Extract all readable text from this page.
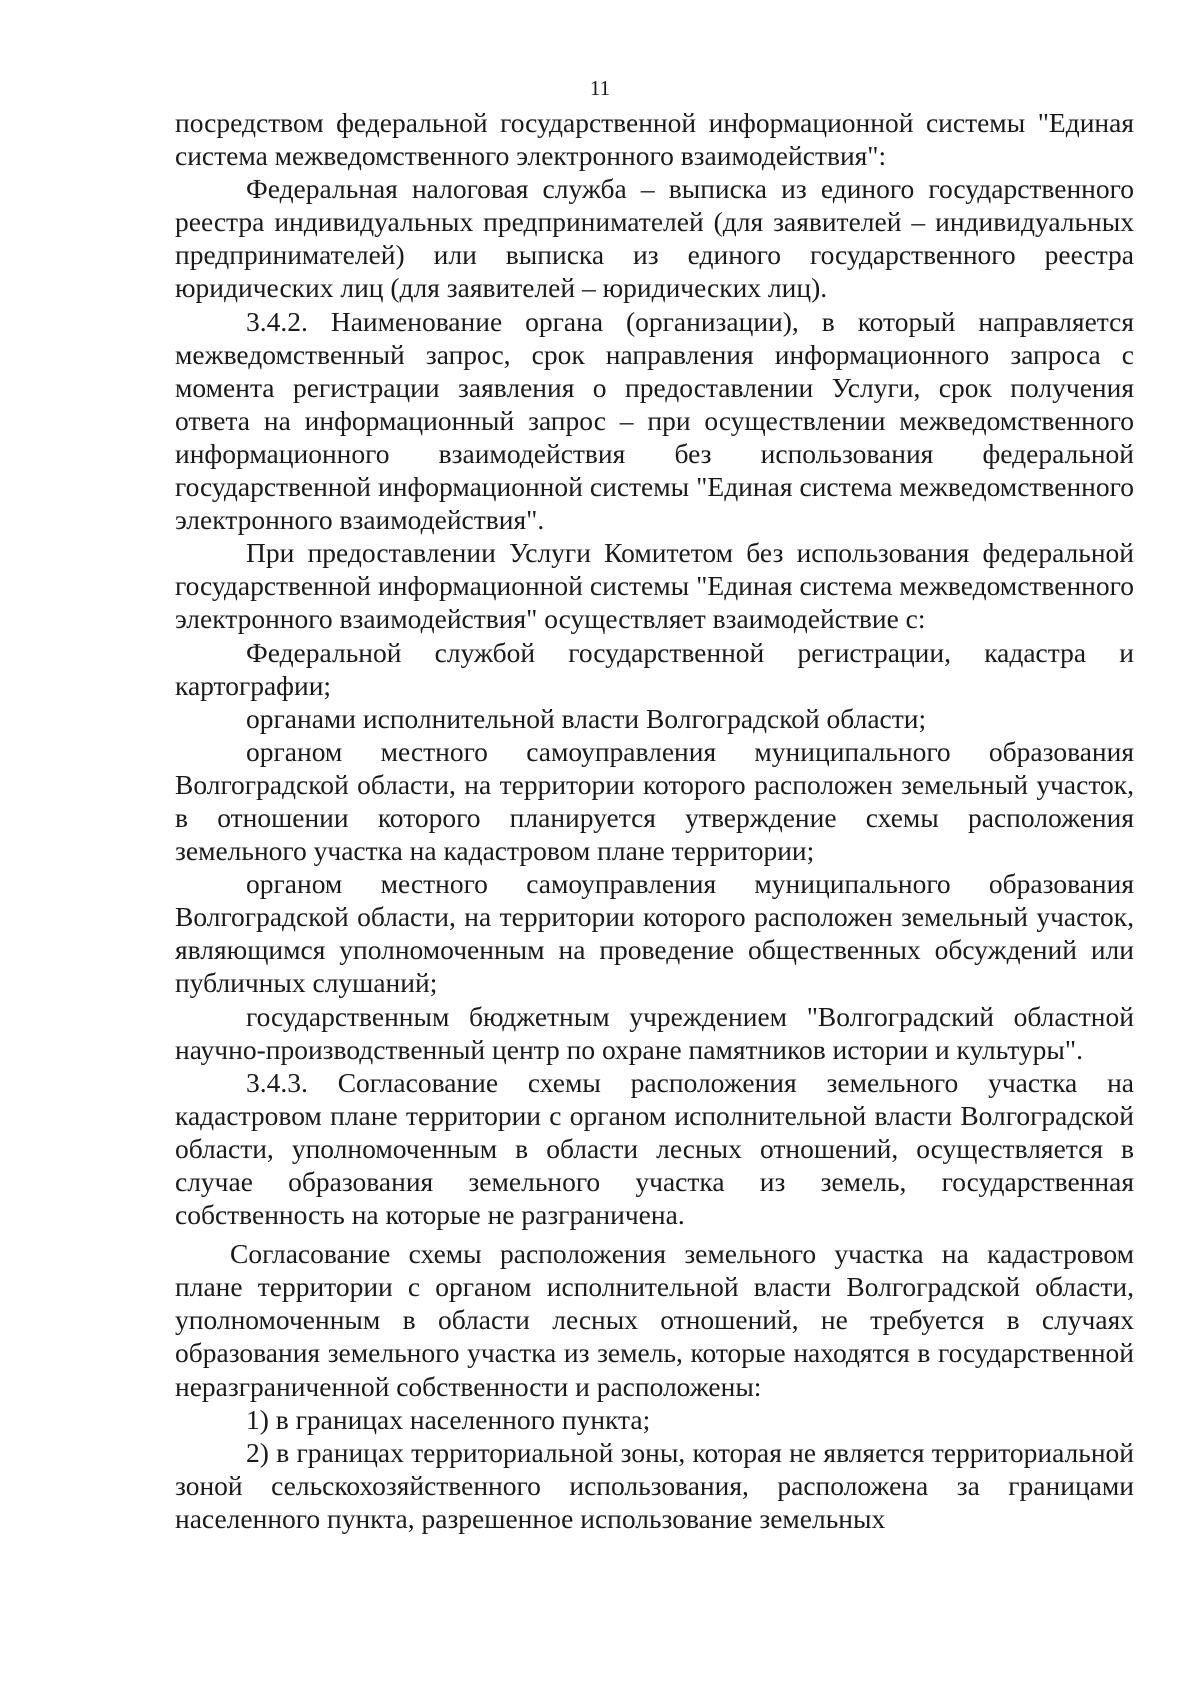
11

посредством федеральной государственной информационной системы "Единая система межведомственного электронного взаимодействия":

Федеральная налоговая служба – выписка из единого государственного реестра индивидуальных предпринимателей (для заявителей – индивидуальных предпринимателей) или выписка из единого государственного реестра юридических лиц (для заявителей – юридических лиц).

3.4.2. Наименование органа (организации), в который направляется межведомственный запрос, срок направления информационного запроса с момента регистрации заявления о предоставлении Услуги, срок получения ответа на информационный запрос – при осуществлении межведомственного информационного взаимодействия без использования федеральной государственной информационной системы "Единая система межведомственного электронного взаимодействия".

При предоставлении Услуги Комитетом без использования федеральной государственной информационной системы "Единая система межведомственного электронного взаимодействия" осуществляет взаимодействие с:

Федеральной службой государственной регистрации, кадастра и картографии;

органами исполнительной власти Волгоградской области;

органом местного самоуправления муниципального образования Волгоградской области, на территории которого расположен земельный участок, в отношении которого планируется утверждение схемы расположения земельного участка на кадастровом плане территории;

органом местного самоуправления муниципального образования Волгоградской области, на территории которого расположен земельный участок, являющимся уполномоченным на проведение общественных обсуждений или публичных слушаний;

государственным бюджетным учреждением "Волгоградский областной научно-производственный центр по охране памятников истории и культуры".

3.4.3. Согласование схемы расположения земельного участка на кадастровом плане территории с органом исполнительной власти Волгоградской области, уполномоченным в области лесных отношений, осуществляется в случае образования земельного участка из земель, государственная собственность на которые не разграничена.

Согласование схемы расположения земельного участка на кадастровом плане территории с органом исполнительной власти Волгоградской области, уполномоченным в области лесных отношений, не требуется в случаях образования земельного участка из земель, которые находятся в государственной неразграниченной собственности и расположены:

1) в границах населенного пункта;

2) в границах территориальной зоны, которая не является территориальной зоной сельскохозяйственного использования, расположена за границами населенного пункта, разрешенное использование земельных
